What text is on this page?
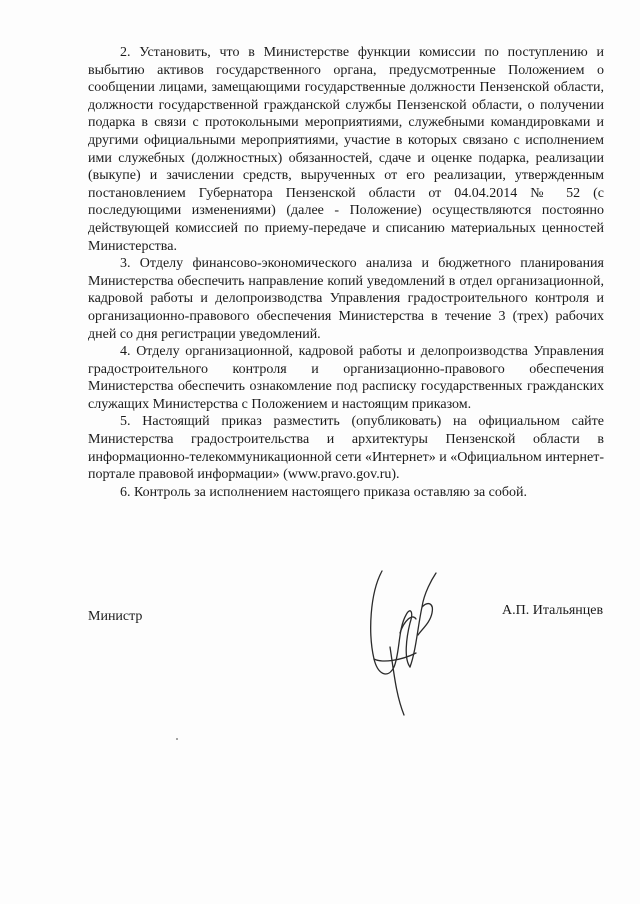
2. Установить, что в Министерстве функции комиссии по поступлению и выбытию активов государственного органа, предусмотренные Положением о сообщении лицами, замещающими государственные должности Пензенской области, должности государственной гражданской службы Пензенской области, о получении подарка в связи с протокольными мероприятиями, служебными командировками и другими официальными мероприятиями, участие в которых связано с исполнением ими служебных (должностных) обязанностей, сдаче и оценке подарка, реализации (выкупе) и зачислении средств, вырученных от его реализации, утвержденным постановлением Губернатора Пензенской области от 04.04.2014 № 52 (с последующими изменениями) (далее - Положение) осуществляются постоянно действующей комиссией по приему-передаче и списанию материальных ценностей Министерства.

3. Отделу финансово-экономического анализа и бюджетного планирования Министерства обеспечить направление копий уведомлений в отдел организационной, кадровой работы и делопроизводства Управления градостроительного контроля и организационно-правового обеспечения Министерства в течение 3 (трех) рабочих дней со дня регистрации уведомлений.

4. Отделу организационной, кадровой работы и делопроизводства Управления градостроительного контроля и организационно-правового обеспечения Министерства обеспечить ознакомление под расписку государственных гражданских служащих Министерства с Положением и настоящим приказом.

5. Настоящий приказ разместить (опубликовать) на официальном сайте Министерства градостроительства и архитектуры Пензенской области в информационно-телекоммуникационной сети «Интернет» и «Официальном интернет-портале правовой информации» (www.pravo.gov.ru).

6. Контроль за исполнением настоящего приказа оставляю за собой.

Министр	А.П. Итальянцев
